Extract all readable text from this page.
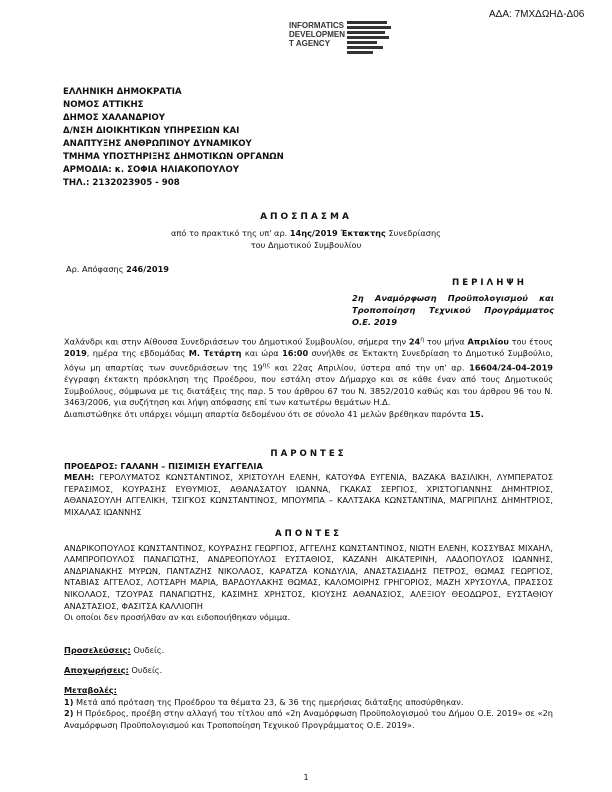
ΑΔΑ: 7ΜΧΔΩΗΔ-Δ06
INFORMATICS
DEVELOPMEN
T AGENCY
ΕΛΛΗΝΙΚΗ ΔΗΜΟΚΡΑΤΙΑ
ΝΟΜΟΣ ΑΤΤΙΚΗΣ
ΔΗΜΟΣ ΧΑΛΑΝΔΡΙΟΥ
Δ/ΝΣΗ ΔΙΟΙΚΗΤΙΚΩΝ ΥΠΗΡΕΣΙΩΝ ΚΑΙ
ΑΝΑΠΤΥΞΗΣ ΑΝΘΡΩΠΙΝΟΥ ΔΥΝΑΜΙΚΟΥ
ΤΜΗΜΑ ΥΠΟΣΤΗΡΙΞΗΣ ΔΗΜΟΤΙΚΩΝ ΟΡΓΑΝΩΝ
ΑΡΜΟΔΙΑ: κ. ΣΟΦΙΑ ΗΛΙΑΚΟΠΟΥΛΟΥ
ΤΗΛ.: 2132023905 - 908
ΑΠΟΣΠΑΣΜΑ
από το πρακτικό της υπ' αρ. 14ης/2019 Έκτακτης Συνεδρίασης
του Δημοτικού Συμβουλίου
Αρ. Απόφασης 246/2019
ΠΕΡΙΛΗΨΗ
2η Αναμόρφωση Προϋπολογισμού και Τροποποίηση Τεχνικού Προγράμματος Ο.Ε. 2019

Χαλάνδρι και στην Αίθουσα Συνεδριάσεων του Δημοτικού Συμβουλίου, σήμερα την $24^\eta$ του μήνα Απριλίου του έτους 2019, ημέρα της εβδομάδας Μ. Τετάρτη και ώρα 16:00 συνήλθε σε Έκτακτη Συνεδρίαση το Δημοτικό Συμβούλιο, λόγω μη απαρτίας των συνεδριάσεων της $19^{\eta\varsigma}$ και 22ας Απριλίου, ύστερα από την υπ' αρ. 16604/24-04-2019 έγγραφη έκτακτη πρόσκληση της Προέδρου, που εστάλη στον Δήμαρχο και σε κάθε έναν από τους Δημοτικούς Συμβούλους, σύμφωνα με τις διατάξεις της παρ. 5 του άρθρου 67 του Ν. 3852/2010 καθώς και του άρθρου 96 του Ν. 3463/2006, για συζήτηση και λήψη απόφασης επί των κατωτέρω θεμάτων Η.Δ.

Διαπιστώθηκε ότι υπάρχει νόμιμη απαρτία δεδομένου ότι σε σύνολο 41 μελών βρέθηκαν παρόντα 15.

ΠΑΡΟΝΤΕΣ
ΠΡΟΕΔΡΟΣ: ΓΑΛΑΝΗ – ΠΙΣΙΜΙΣΗ ΕΥΑΓΓΕΛΙΑ

ΜΕΛΗ: ΓΕΡΟΛΥΜΑΤΟΣ ΚΩΝΣΤΑΝΤΙΝΟΣ, ΧΡΙΣΤΟΥΛΗ ΕΛΕΝΗ, ΚΑΤΟΥΦΑ ΕΥΓΕΝΙΑ, ΒΑΖΑΚΑ ΒΑΣΙΛΙΚΗ, ΛΥΜΠΕΡΑΤΟΣ ΓΕΡΑΣΙΜΟΣ, ΚΟΥΡΑΣΗΣ ΕΥΘΥΜΙΟΣ, ΑΘΑΝΑΣΑΤΟΥ ΙΩΑΝΝΑ, ΓΚΑΚΑΣ ΣΕΡΓΙΟΣ, ΧΡΙΣΤΟΓΙΑΝΝΗΣ ΔΗΜΗΤΡΙΟΣ, ΑΘΑΝΑΣΟΥΛΗ ΑΓΓΕΛΙΚΗ, ΤΣΙΓΚΟΣ ΚΩΝΣΤΑΝΤΙΝΟΣ, ΜΠΟΥΜΠΑ – ΚΑΛΤΣΑΚΑ ΚΩΝΣΤΑΝΤΙΝΑ, ΜΑΓΡΙΠΛΗΣ ΔΗΜΗΤΡΙΟΣ, ΜΙΧΑΛΑΣ ΙΩΑΝΝΗΣ

ΑΠΟΝΤΕΣ

ΑΝΔΡΙΚΟΠΟΥΛΟΣ ΚΩΝΣΤΑΝΤΙΝΟΣ, ΚΟΥΡΑΣΗΣ ΓΕΩΡΓΙΟΣ, ΑΓΓΕΛΗΣ ΚΩΝΣΤΑΝΤΙΝΟΣ, ΝΙΩΤΗ ΕΛΕΝΗ, ΚΟΣΣΥΒΑΣ ΜΙΧΑΗΛ, ΛΑΜΠΡΟΠΟΥΛΟΣ ΠΑΝΑΓΙΩΤΗΣ, ΑΝΔΡΕΟΠΟΥΛΟΣ ΕΥΣΤΑΘΙΟΣ, ΚΑΖΑΝΗ ΑΙΚΑΤΕΡΙΝΗ, ΛΑΔΟΠΟΥΛΟΣ ΙΩΑΝΝΗΣ, ΑΝΔΡΙΑΝΑΚΗΣ ΜΥΡΩΝ, ΠΑΝΤΑΖΗΣ ΝΙΚΟΛΑΟΣ, ΚΑΡΑΤΖΑ ΚΟΝΔΥΛΙΑ, ΑΝΑΣΤΑΣΙΑΔΗΣ ΠΕΤΡΟΣ, ΘΩΜΑΣ ΓΕΩΡΓΙΟΣ, ΝΤΑΒΙΑΣ ΑΓΓΕΛΟΣ, ΛΟΤΣΑΡΗ ΜΑΡΙΑ, ΒΑΡΔΟΥΛΑΚΗΣ ΘΩΜΑΣ, ΚΑΛΟΜΟΙΡΗΣ ΓΡΗΓΟΡΙΟΣ, ΜΑΖΗ ΧΡΥΣΟΥΛΑ, ΠΡΑΣΣΟΣ ΝΙΚΟΛΑΟΣ, ΤΖΟΥΡΑΣ ΠΑΝΑΓΙΩΤΗΣ, ΚΑΣΙΜΗΣ ΧΡΗΣΤΟΣ, ΚΙΟΥΣΗΣ ΑΘΑΝΑΣΙΟΣ, ΑΛΕΞΙΟΥ ΘΕΟΔΩΡΟΣ, ΕΥΣΤΑΘΙΟΥ ΑΝΑΣΤΑΣΙΟΣ, ΦΑΣΙΤΣΑ ΚΑΛΛΙΟΠΗ

Οι οποίοι δεν προσήλθαν αν και ειδοποιήθηκαν νόμιμα.

Προσελεύσεις: Ουδείς.
Αποχωρήσεις: Ουδείς.
Μεταβολές:

1) Μετά από πρόταση της Προέδρου τα θέματα 23, & 36 της ημερήσιας διάταξης αποσύρθηκαν.

2) Η Πρόεδρος, προέβη στην αλλαγή του τίτλου από «2η Αναμόρφωση Προϋπολογισμού του Δήμου Ο.Ε. 2019» σε «2η Αναμόρφωση Προϋπολογισμού και Τροποποίηση Τεχνικού Προγράμματος Ο.Ε. 2019».

1
